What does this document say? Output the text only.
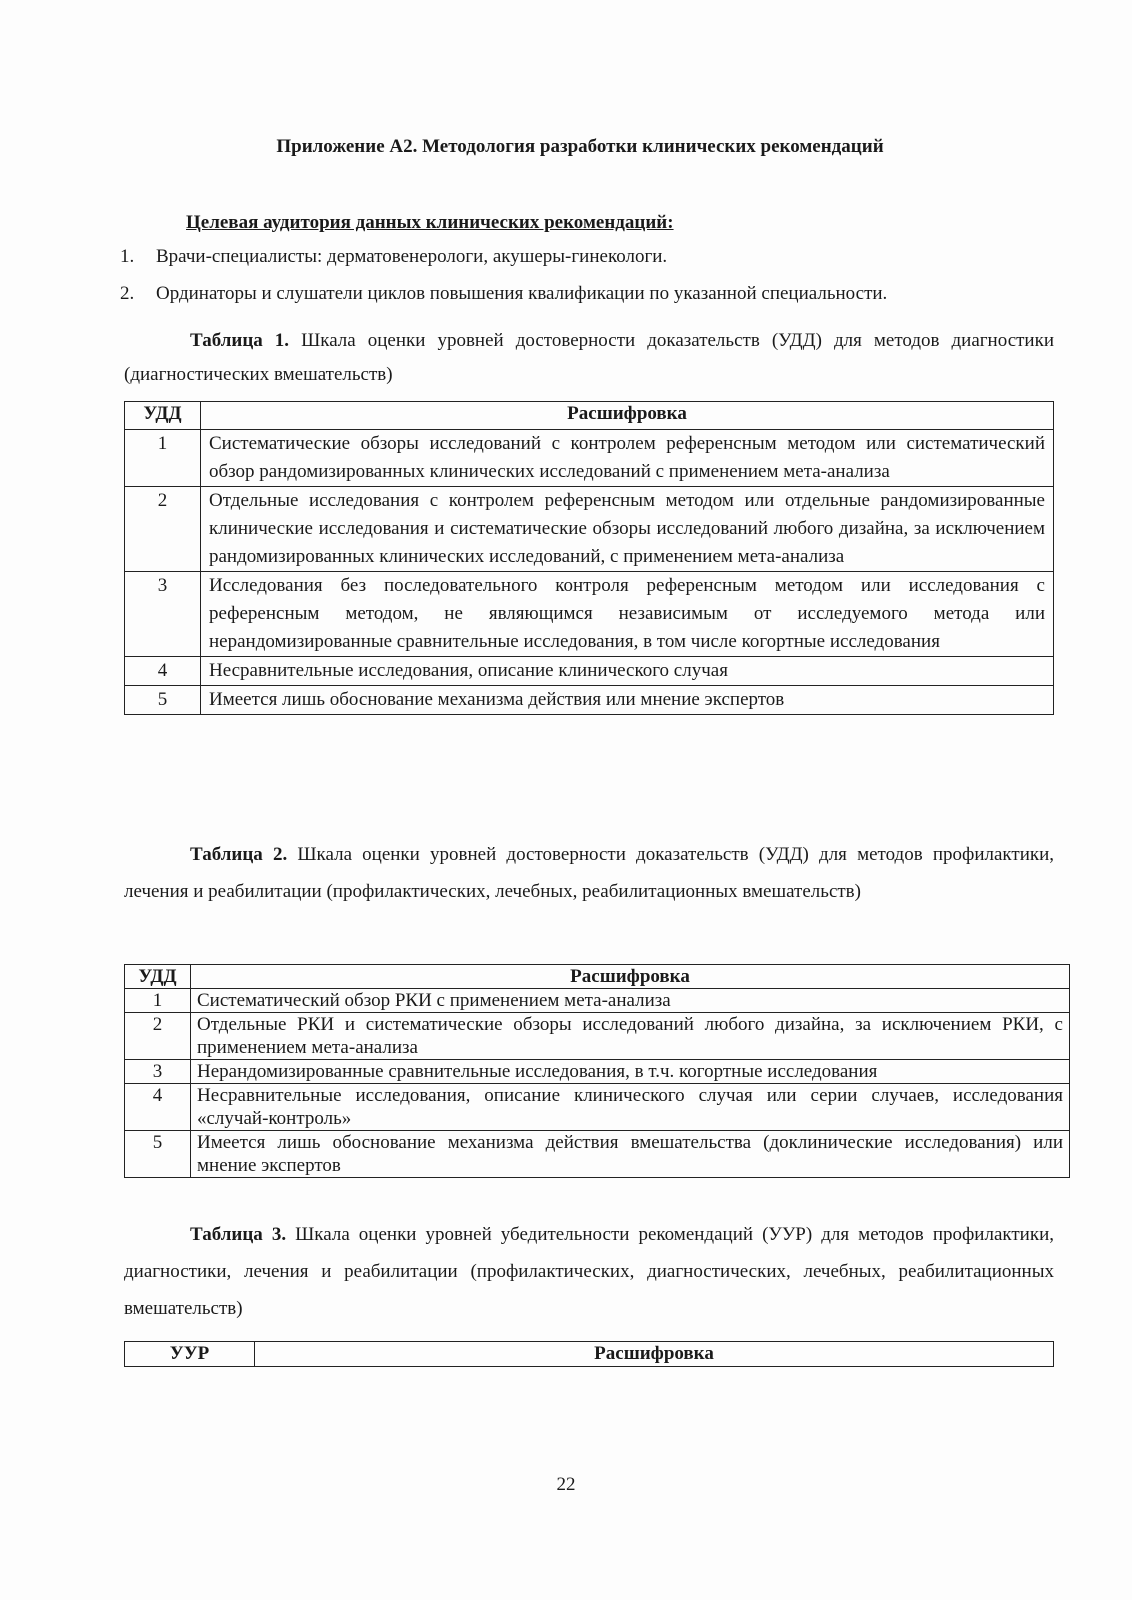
Приложение А2. Методология разработки клинических рекомендаций
Целевая аудитория данных клинических рекомендаций:
1. Врачи-специалисты: дерматовенерологи, акушеры-гинекологи.
2. Ординаторы и слушатели циклов повышения квалификации по указанной специальности.
Таблица 1. Шкала оценки уровней достоверности доказательств (УДД) для методов диагностики (диагностических вмешательств)
УДД	Расшифровка
1	Систематические обзоры исследований с контролем референсным методом или систематический обзор рандомизированных клинических исследований с применением мета-анализа
2	Отдельные исследования с контролем референсным методом или отдельные рандомизированные клинические исследования и систематические обзоры исследований любого дизайна, за исключением рандомизированных клинических исследований, с применением мета-анализа
3	Исследования без последовательного контроля референсным методом или исследования с референсным методом, не являющимся независимым от исследуемого метода или нерандомизированные сравнительные исследования, в том числе когортные исследования
4	Несравнительные исследования, описание клинического случая
5	Имеется лишь обоснование механизма действия или мнение экспертов
Таблица 2. Шкала оценки уровней достоверности доказательств (УДД) для методов профилактики, лечения и реабилитации (профилактических, лечебных, реабилитационных вмешательств)
УДД	Расшифровка
1	Систематический обзор РКИ с применением мета-анализа
2	Отдельные РКИ и систематические обзоры исследований любого дизайна, за исключением РКИ, с применением мета-анализа
3	Нерандомизированные сравнительные исследования, в т.ч. когортные исследования
4	Несравнительные исследования, описание клинического случая или серии случаев, исследования «случай-контроль»
5	Имеется лишь обоснование механизма действия вмешательства (доклинические исследования) или мнение экспертов
Таблица 3. Шкала оценки уровней убедительности рекомендаций (УУР) для методов профилактики, диагностики, лечения и реабилитации (профилактических, диагностических, лечебных, реабилитационных вмешательств)
УУР	Расшифровка
22
